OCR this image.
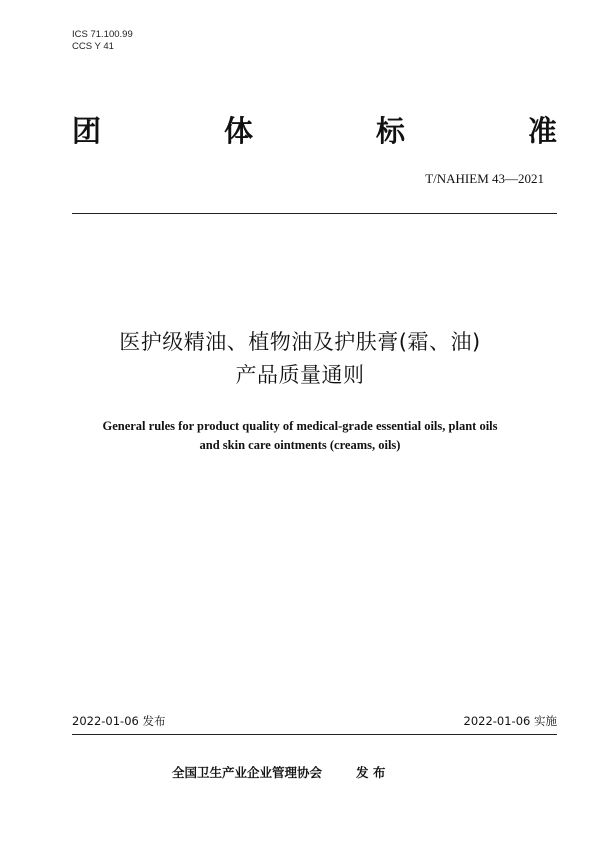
ICS 71.100.99
CCS Y 41
团	体	标	准
T/NAHIEM 43—2021
医护级精油、植物油及护肤膏(霜、油)
产品质量通则
General rules for product quality of medical-grade essential oils, plant oils
and skin care ointments (creams, oils)
2022-01-06 发布	2022-01-06 实施
全国卫生产业企业管理协会	发 布
